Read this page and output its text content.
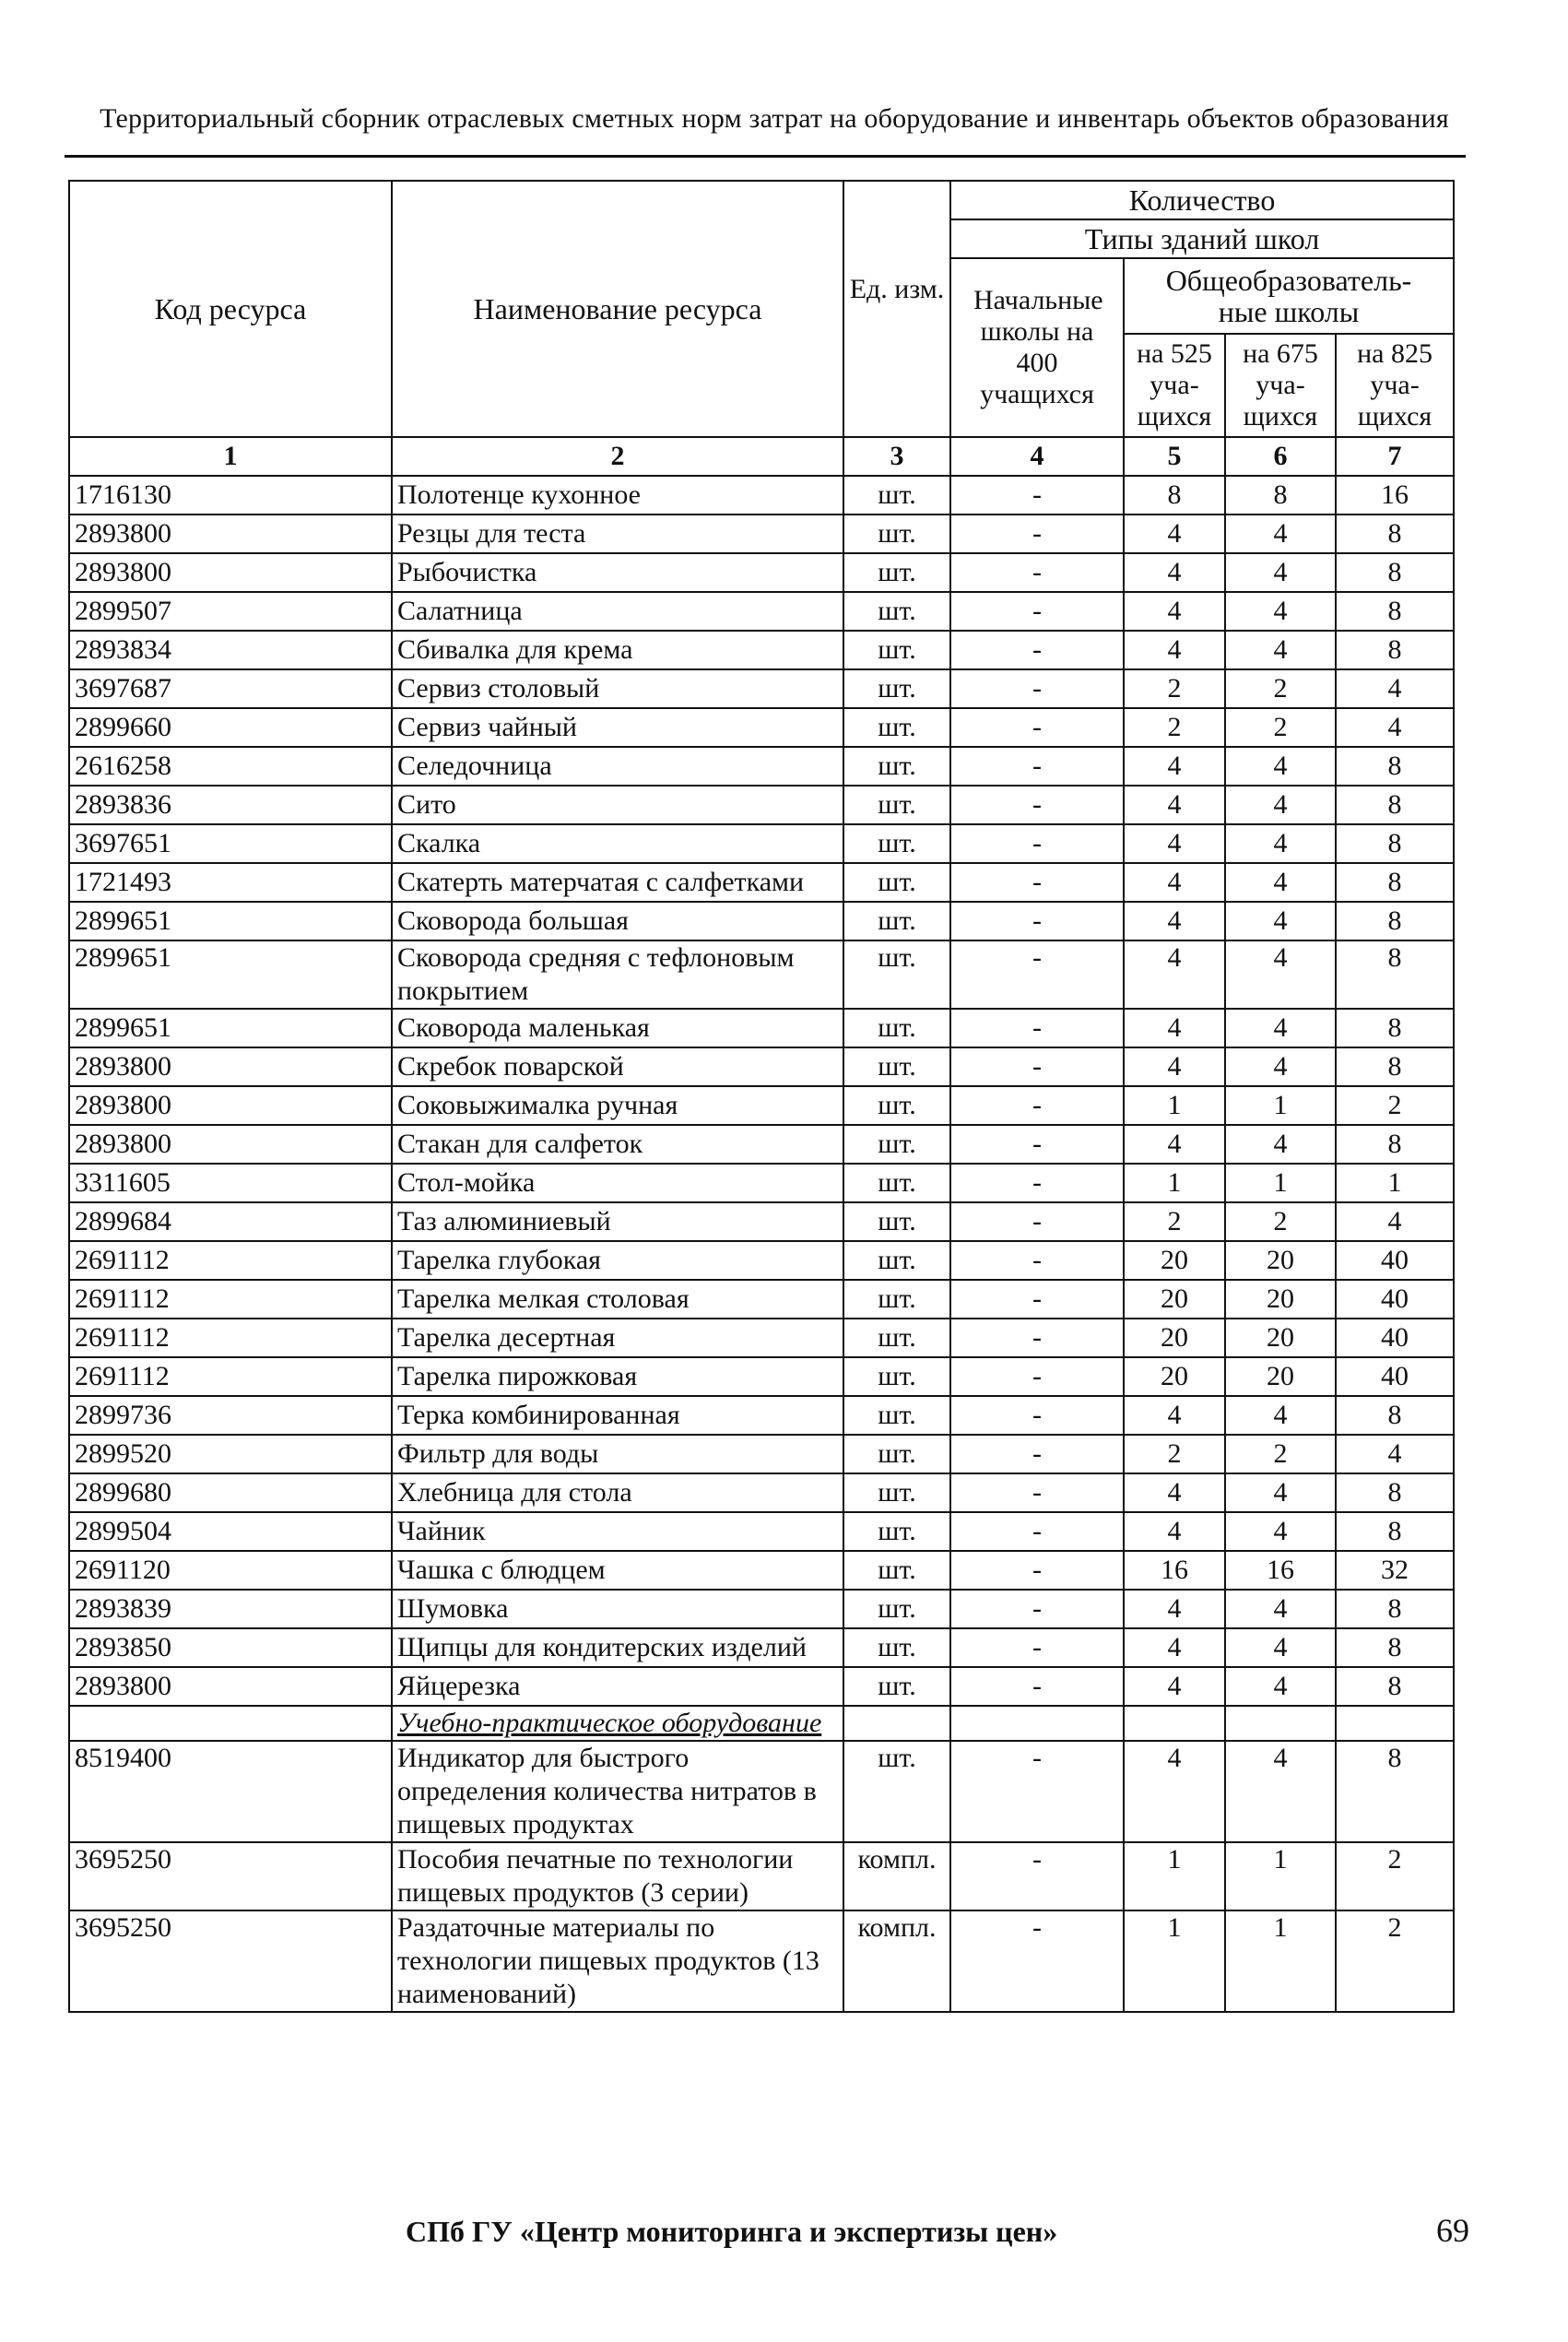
Территориальный сборник отраслевых сметных норм затрат на оборудование и инвентарь объектов образования
Код ресурса	Наименование ресурса	Ед. изм.	Количество			
			Типы зданий школ			
			Начальные школы на 400 учащихся	Общеобразователь-ные школы		
				на 525 уча-щихся	на 675 уча-щихся	на 825 уча-щихся
1	2	3	4	5	6	7
1716130	Полотенце кухонное	шт.	-	8	8	16
2893800	Резцы для теста	шт.	-	4	4	8
2893800	Рыбочистка	шт.	-	4	4	8
2899507	Салатница	шт.	-	4	4	8
2893834	Сбивалка для крема	шт.	-	4	4	8
3697687	Сервиз столовый	шт.	-	2	2	4
2899660	Сервиз чайный	шт.	-	2	2	4
2616258	Селедочница	шт.	-	4	4	8
2893836	Сито	шт.	-	4	4	8
3697651	Скалка	шт.	-	4	4	8
1721493	Скатерть матерчатая с салфетками	шт.	-	4	4	8
2899651	Сковорода большая	шт.	-	4	4	8
2899651	Сковорода средняя с тефлоновым покрытием	шт.	-	4	4	8
2899651	Сковорода маленькая	шт.	-	4	4	8
2893800	Скребок поварской	шт.	-	4	4	8
2893800	Соковыжималка ручная	шт.	-	1	1	2
2893800	Стакан для салфеток	шт.	-	4	4	8
3311605	Стол-мойка	шт.	-	1	1	1
2899684	Таз алюминиевый	шт.	-	2	2	4
2691112	Тарелка глубокая	шт.	-	20	20	40
2691112	Тарелка мелкая столовая	шт.	-	20	20	40
2691112	Тарелка десертная	шт.	-	20	20	40
2691112	Тарелка пирожковая	шт.	-	20	20	40
2899736	Терка комбинированная	шт.	-	4	4	8
2899520	Фильтр для воды	шт.	-	2	2	4
2899680	Хлебница для стола	шт.	-	4	4	8
2899504	Чайник	шт.	-	4	4	8
2691120	Чашка с блюдцем	шт.	-	16	16	32
2893839	Шумовка	шт.	-	4	4	8
2893850	Щипцы для кондитерских изделий	шт.	-	4	4	8
2893800	Яйцерезка	шт.	-	4	4	8
	Учебно-практическое оборудование					
8519400	Индикатор для быстрого определения количества нитратов в пищевых продуктах	шт.	-	4	4	8
3695250	Пособия печатные по технологии пищевых продуктов (3 серии)	компл.	-	1	1	2
3695250	Раздаточные материалы по технологии пищевых продуктов (13 наименований)	компл.	-	1	1	2
СПб ГУ «Центр мониторинга и экспертизы цен»	69
